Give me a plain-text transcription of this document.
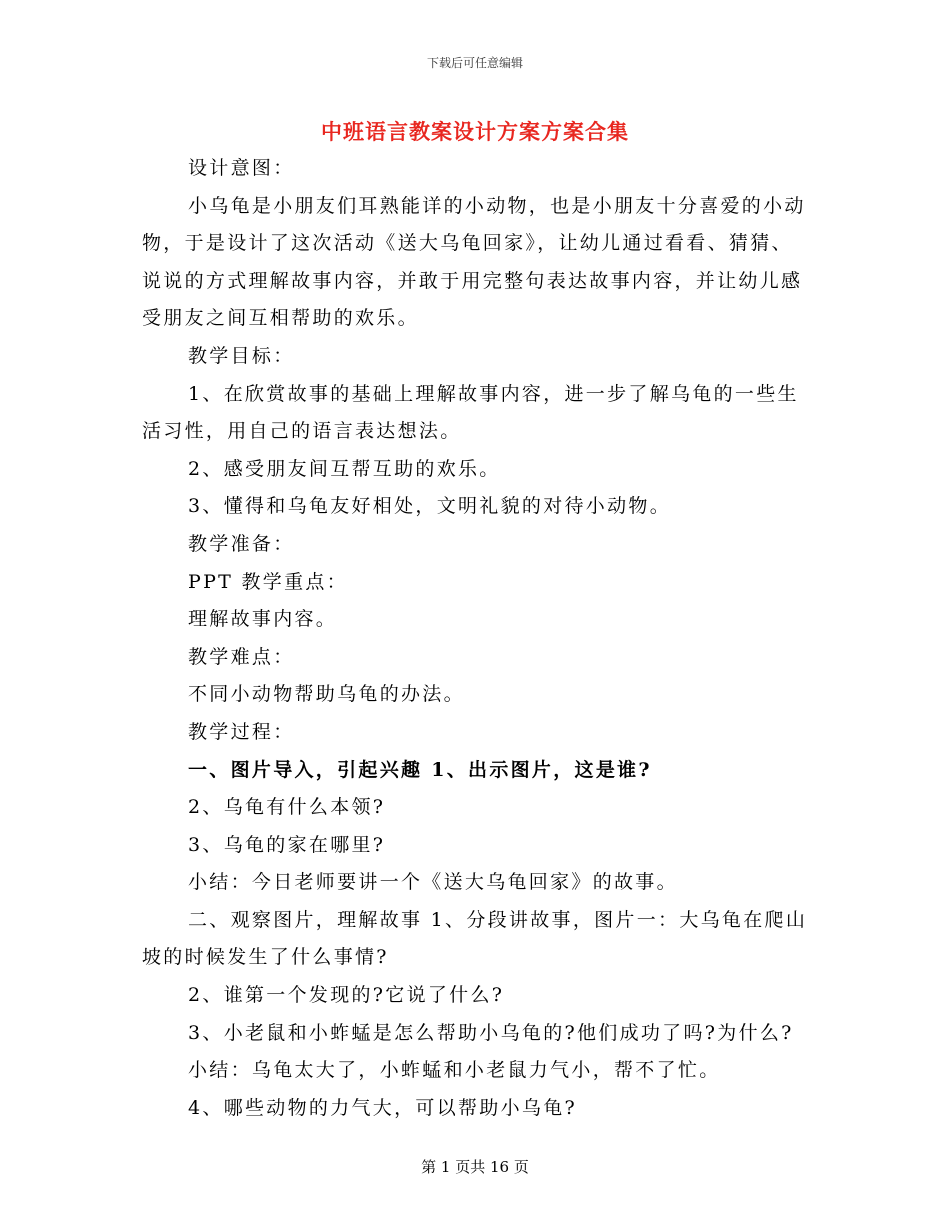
下载后可任意编辑
中班语言教案设计方案方案合集

设计意图：

小乌龟是小朋友们耳熟能详的小动物，也是小朋友十分喜爱的小动物，于是设计了这次活动《送大乌龟回家》，让幼儿通过看看、猜猜、说说的方式理解故事内容，并敢于用完整句表达故事内容，并让幼儿感受朋友之间互相帮助的欢乐。

教学目标：

1、在欣赏故事的基础上理解故事内容，进一步了解乌龟的一些生活习性，用自己的语言表达想法。

2、感受朋友间互帮互助的欢乐。

3、懂得和乌龟友好相处，文明礼貌的对待小动物。

教学准备：

PPT 教学重点：

理解故事内容。

教学难点：

不同小动物帮助乌龟的办法。

教学过程：

一、图片导入，引起兴趣 1、出示图片，这是谁?

2、乌龟有什么本领?

3、乌龟的家在哪里?

小结：今日老师要讲一个《送大乌龟回家》的故事。

二、观察图片，理解故事 1、分段讲故事，图片一：大乌龟在爬山坡的时候发生了什么事情?

2、谁第一个发现的?它说了什么?

3、小老鼠和小蚱蜢是怎么帮助小乌龟的?他们成功了吗?为什么?

小结：乌龟太大了，小蚱蜢和小老鼠力气小，帮不了忙。

4、哪些动物的力气大，可以帮助小乌龟?

第 1 页共 16 页
